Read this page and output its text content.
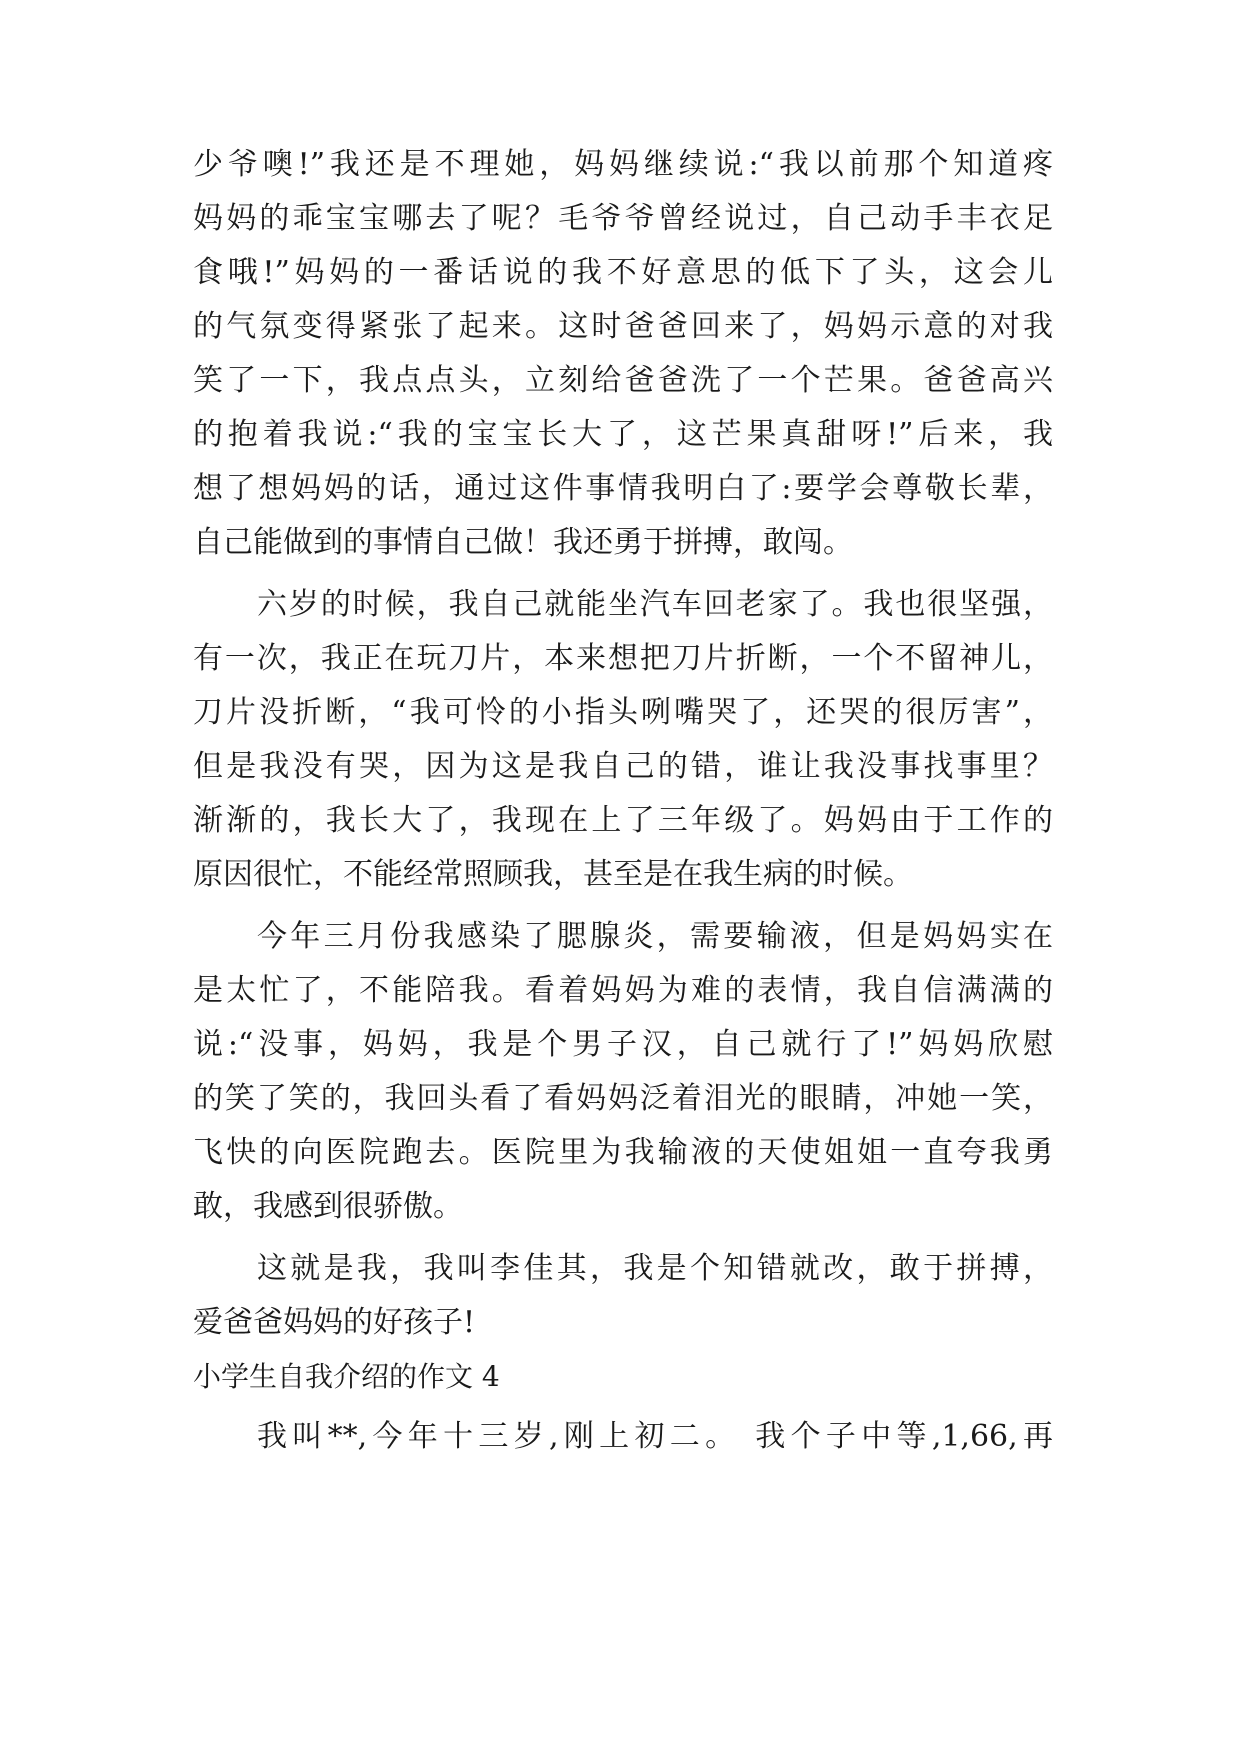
少爷噢!”我还是不理她，妈妈继续说:“我以前那个知道疼
妈妈的乖宝宝哪去了呢？毛爷爷曾经说过，自己动手丰衣足
食哦!”妈妈的一番话说的我不好意思的低下了头，这会儿
的气氛变得紧张了起来。这时爸爸回来了，妈妈示意的对我
笑了一下，我点点头，立刻给爸爸洗了一个芒果。爸爸高兴
的抱着我说:“我的宝宝长大了，这芒果真甜呀!”后来，我
想了想妈妈的话，通过这件事情我明白了:要学会尊敬长辈，
自己能做到的事情自己做！我还勇于拼搏，敢闯。
六岁的时候，我自己就能坐汽车回老家了。我也很坚强，
有一次，我正在玩刀片，本来想把刀片折断，一个不留神儿，
刀片没折断，“我可怜的小指头咧嘴哭了，还哭的很厉害”，
但是我没有哭，因为这是我自己的错，谁让我没事找事里？
渐渐的，我长大了，我现在上了三年级了。妈妈由于工作的
原因很忙，不能经常照顾我，甚至是在我生病的时候。
今年三月份我感染了腮腺炎，需要输液，但是妈妈实在
是太忙了，不能陪我。看着妈妈为难的表情，我自信满满的
说:“没事，妈妈，我是个男子汉，自己就行了!”妈妈欣慰
的笑了笑的，我回头看了看妈妈泛着泪光的眼睛，冲她一笑，
飞快的向医院跑去。医院里为我输液的天使姐姐一直夸我勇
敢，我感到很骄傲。
这就是我，我叫李佳其，我是个知错就改，敢于拼搏，
爱爸爸妈妈的好孩子!
小学生自我介绍的作文 4
我叫**,今年十三岁,刚上初二。 我个子中等,1,66,再
